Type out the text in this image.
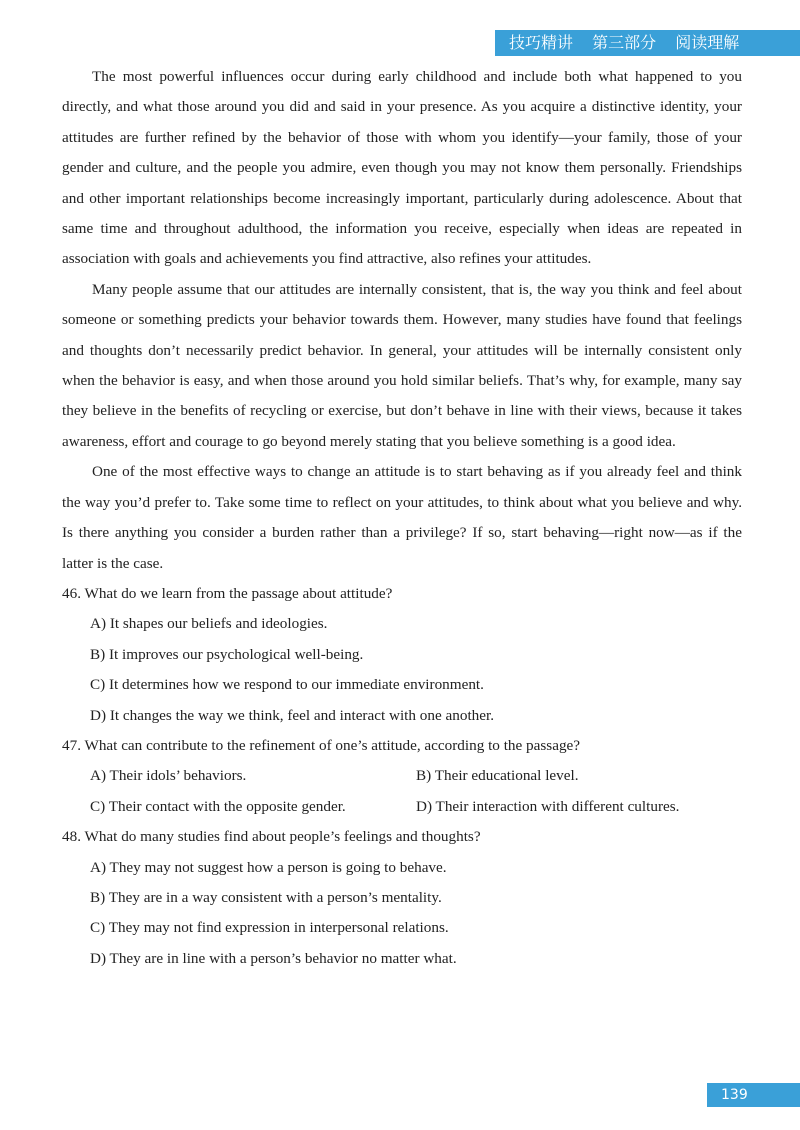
技巧精讲 第三部分 阅读理解

The most powerful influences occur during early childhood and include both what happened to you directly, and what those around you did and said in your presence. As you acquire a distinctive identity, your attitudes are further refined by the behavior of those with whom you identify—your family, those of your gender and culture, and the people you admire, even though you may not know them personally. Friendships and other important relationships become increasingly important, particularly during adolescence. About that same time and throughout adulthood, the information you receive, especially when ideas are repeated in association with goals and achievements you find attractive, also refines your attitudes.

Many people assume that our attitudes are internally consistent, that is, the way you think and feel about someone or something predicts your behavior towards them. However, many studies have found that feelings and thoughts don’t necessarily predict behavior. In general, your attitudes will be internally consistent only when the behavior is easy, and when those around you hold similar beliefs. That’s why, for example, many say they believe in the benefits of recycling or exercise, but don’t behave in line with their views, because it takes awareness, effort and courage to go beyond merely stating that you believe something is a good idea.

One of the most effective ways to change an attitude is to start behaving as if you already feel and think the way you’d prefer to. Take some time to reflect on your attitudes, to think about what you believe and why. Is there anything you consider a burden rather than a privilege? If so, start behaving—right now—as if the latter is the case.

46. What do we learn from the passage about attitude?

A) It shapes our beliefs and ideologies.

B) It improves our psychological well-being.

C) It determines how we respond to our immediate environment.

D) It changes the way we think, feel and interact with one another.

47. What can contribute to the refinement of one’s attitude, according to the passage?

A) Their idols’ behaviors.	B) Their educational level.
C) Their contact with the opposite gender.	D) Their interaction with different cultures.

48. What do many studies find about people’s feelings and thoughts?

A) They may not suggest how a person is going to behave.

B) They are in a way consistent with a person’s mentality.

C) They may not find expression in interpersonal relations.

D) They are in line with a person’s behavior no matter what.

139
